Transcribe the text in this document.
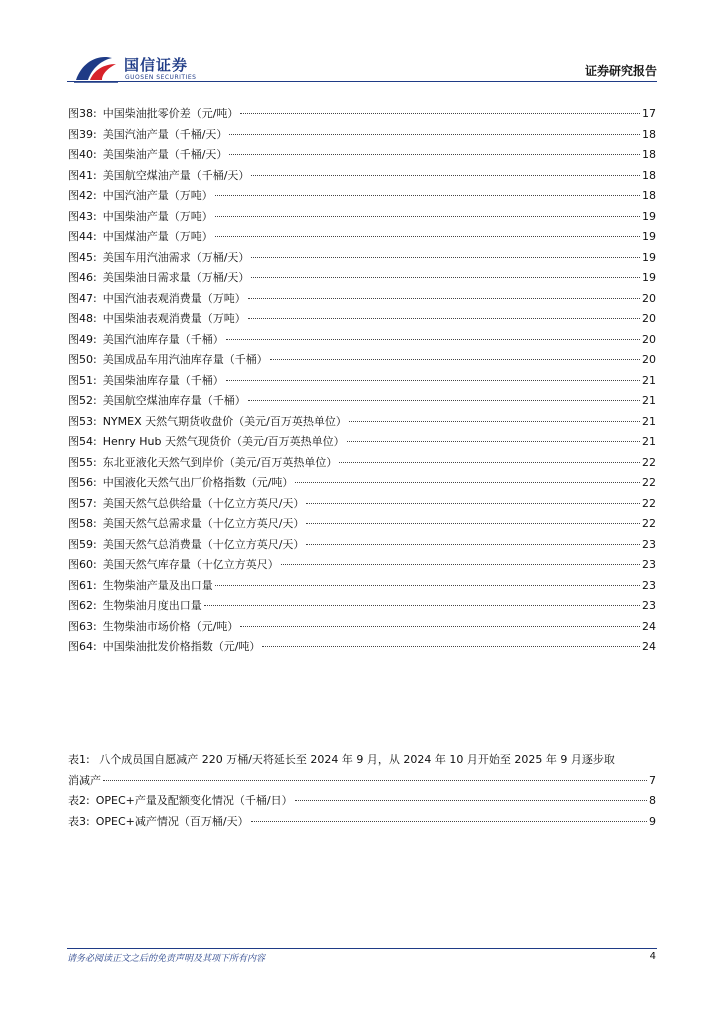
国信证券
GUOSEN SECURITIES	证券研究报告
图38: 中国柴油批零价差（元/吨）	17
图39: 美国汽油产量（千桶/天）	18
图40: 美国柴油产量（千桶/天）	18
图41: 美国航空煤油产量（千桶/天）	18
图42: 中国汽油产量（万吨）	18
图43: 中国柴油产量（万吨）	19
图44: 中国煤油产量（万吨）	19
图45: 美国车用汽油需求（万桶/天）	19
图46: 美国柴油日需求量（万桶/天）	19
图47: 中国汽油表观消费量（万吨）	20
图48: 中国柴油表观消费量（万吨）	20
图49: 美国汽油库存量（千桶）	20
图50: 美国成品车用汽油库存量（千桶）	20
图51: 美国柴油库存量（千桶）	21
图52: 美国航空煤油库存量（千桶）	21
图53: NYMEX 天然气期货收盘价（美元/百万英热单位）	21
图54: Henry Hub 天然气现货价（美元/百万英热单位）	21
图55: 东北亚液化天然气到岸价（美元/百万英热单位）	22
图56: 中国液化天然气出厂价格指数（元/吨）	22
图57: 美国天然气总供给量（十亿立方英尺/天）	22
图58: 美国天然气总需求量（十亿立方英尺/天）	22
图59: 美国天然气总消费量（十亿立方英尺/天）	23
图60: 美国天然气库存量（十亿立方英尺）	23
图61: 生物柴油产量及出口量	23
图62: 生物柴油月度出口量	23
图63: 生物柴油市场价格（元/吨）	24
图64: 中国柴油批发价格指数（元/吨）	24
表1: 八个成员国自愿减产 220 万桶/天将延长至 2024 年 9 月，从 2024 年 10 月开始至 2025 年 9 月逐步取
消减产	7
表2: OPEC+产量及配额变化情况（千桶/日）	8
表3: OPEC+减产情况（百万桶/天）	9
请务必阅读正文之后的免责声明及其项下所有内容	4
